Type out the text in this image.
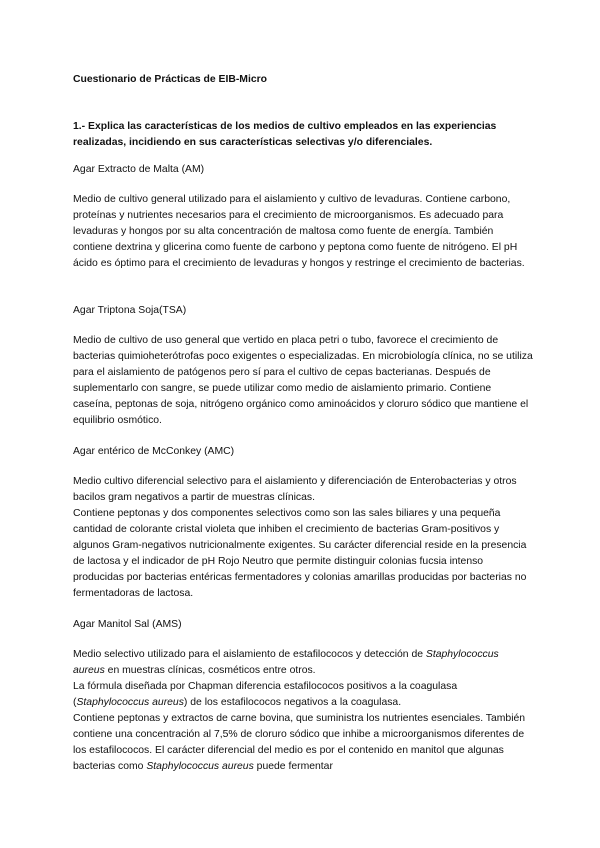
Cuestionario de Prácticas de EIB-Micro

1.- Explica las características de los medios de cultivo empleados en las experiencias realizadas, incidiendo en sus características selectivas y/o diferenciales.

Agar Extracto de Malta (AM)

Medio de cultivo general utilizado para el aislamiento y cultivo de levaduras. Contiene carbono, proteínas y nutrientes necesarios para el crecimiento de microorganismos. Es adecuado para levaduras y hongos por su alta concentración de maltosa como fuente de energía. También contiene dextrina y glicerina como fuente de carbono y peptona como fuente de nitrógeno. El pH ácido es óptimo para el crecimiento de levaduras y hongos y restringe el crecimiento de bacterias.

Agar Triptona Soja(TSA)

Medio de cultivo de uso general que vertido en placa petri o tubo, favorece el crecimiento de bacterias quimioheterótrofas poco exigentes o especializadas. En microbiología clínica, no se utiliza para el aislamiento de patógenos pero sí para el cultivo de cepas bacterianas. Después de suplementarlo con sangre, se puede utilizar como medio de aislamiento primario. Contiene caseína, peptonas de soja, nitrógeno orgánico como aminoácidos y cloruro sódico que mantiene el equilibrio osmótico.

Agar entérico de McConkey (AMC)

Medio cultivo diferencial selectivo para el aislamiento y diferenciación de Enterobacterias y otros bacilos gram negativos a partir de muestras clínicas.

Contiene peptonas y dos componentes selectivos como son las sales biliares y una pequeña cantidad de colorante cristal violeta que inhiben el crecimiento de bacterias Gram-positivos y algunos Gram-negativos nutricionalmente exigentes. Su carácter diferencial reside en la presencia de lactosa y el indicador de pH Rojo Neutro que permite distinguir colonias fucsia intenso producidas por bacterias entéricas fermentadores y colonias amarillas producidas por bacterias no fermentadoras de lactosa.

Agar Manitol Sal (AMS)

Medio selectivo utilizado para el aislamiento de estafilococos y detección de Staphylococcus aureus en muestras clínicas, cosméticos entre otros.

La fórmula diseñada por Chapman diferencia estafilococos positivos a la coagulasa (Staphylococcus aureus) de los estafilococos negativos a la coagulasa.

Contiene peptonas y extractos de carne bovina, que suministra los nutrientes esenciales. También contiene una concentración al 7,5% de cloruro sódico que inhibe a microorganismos diferentes de los estafilococos. El carácter diferencial del medio es por el contenido en manitol que algunas bacterias como Staphylococcus aureus puede fermentar
